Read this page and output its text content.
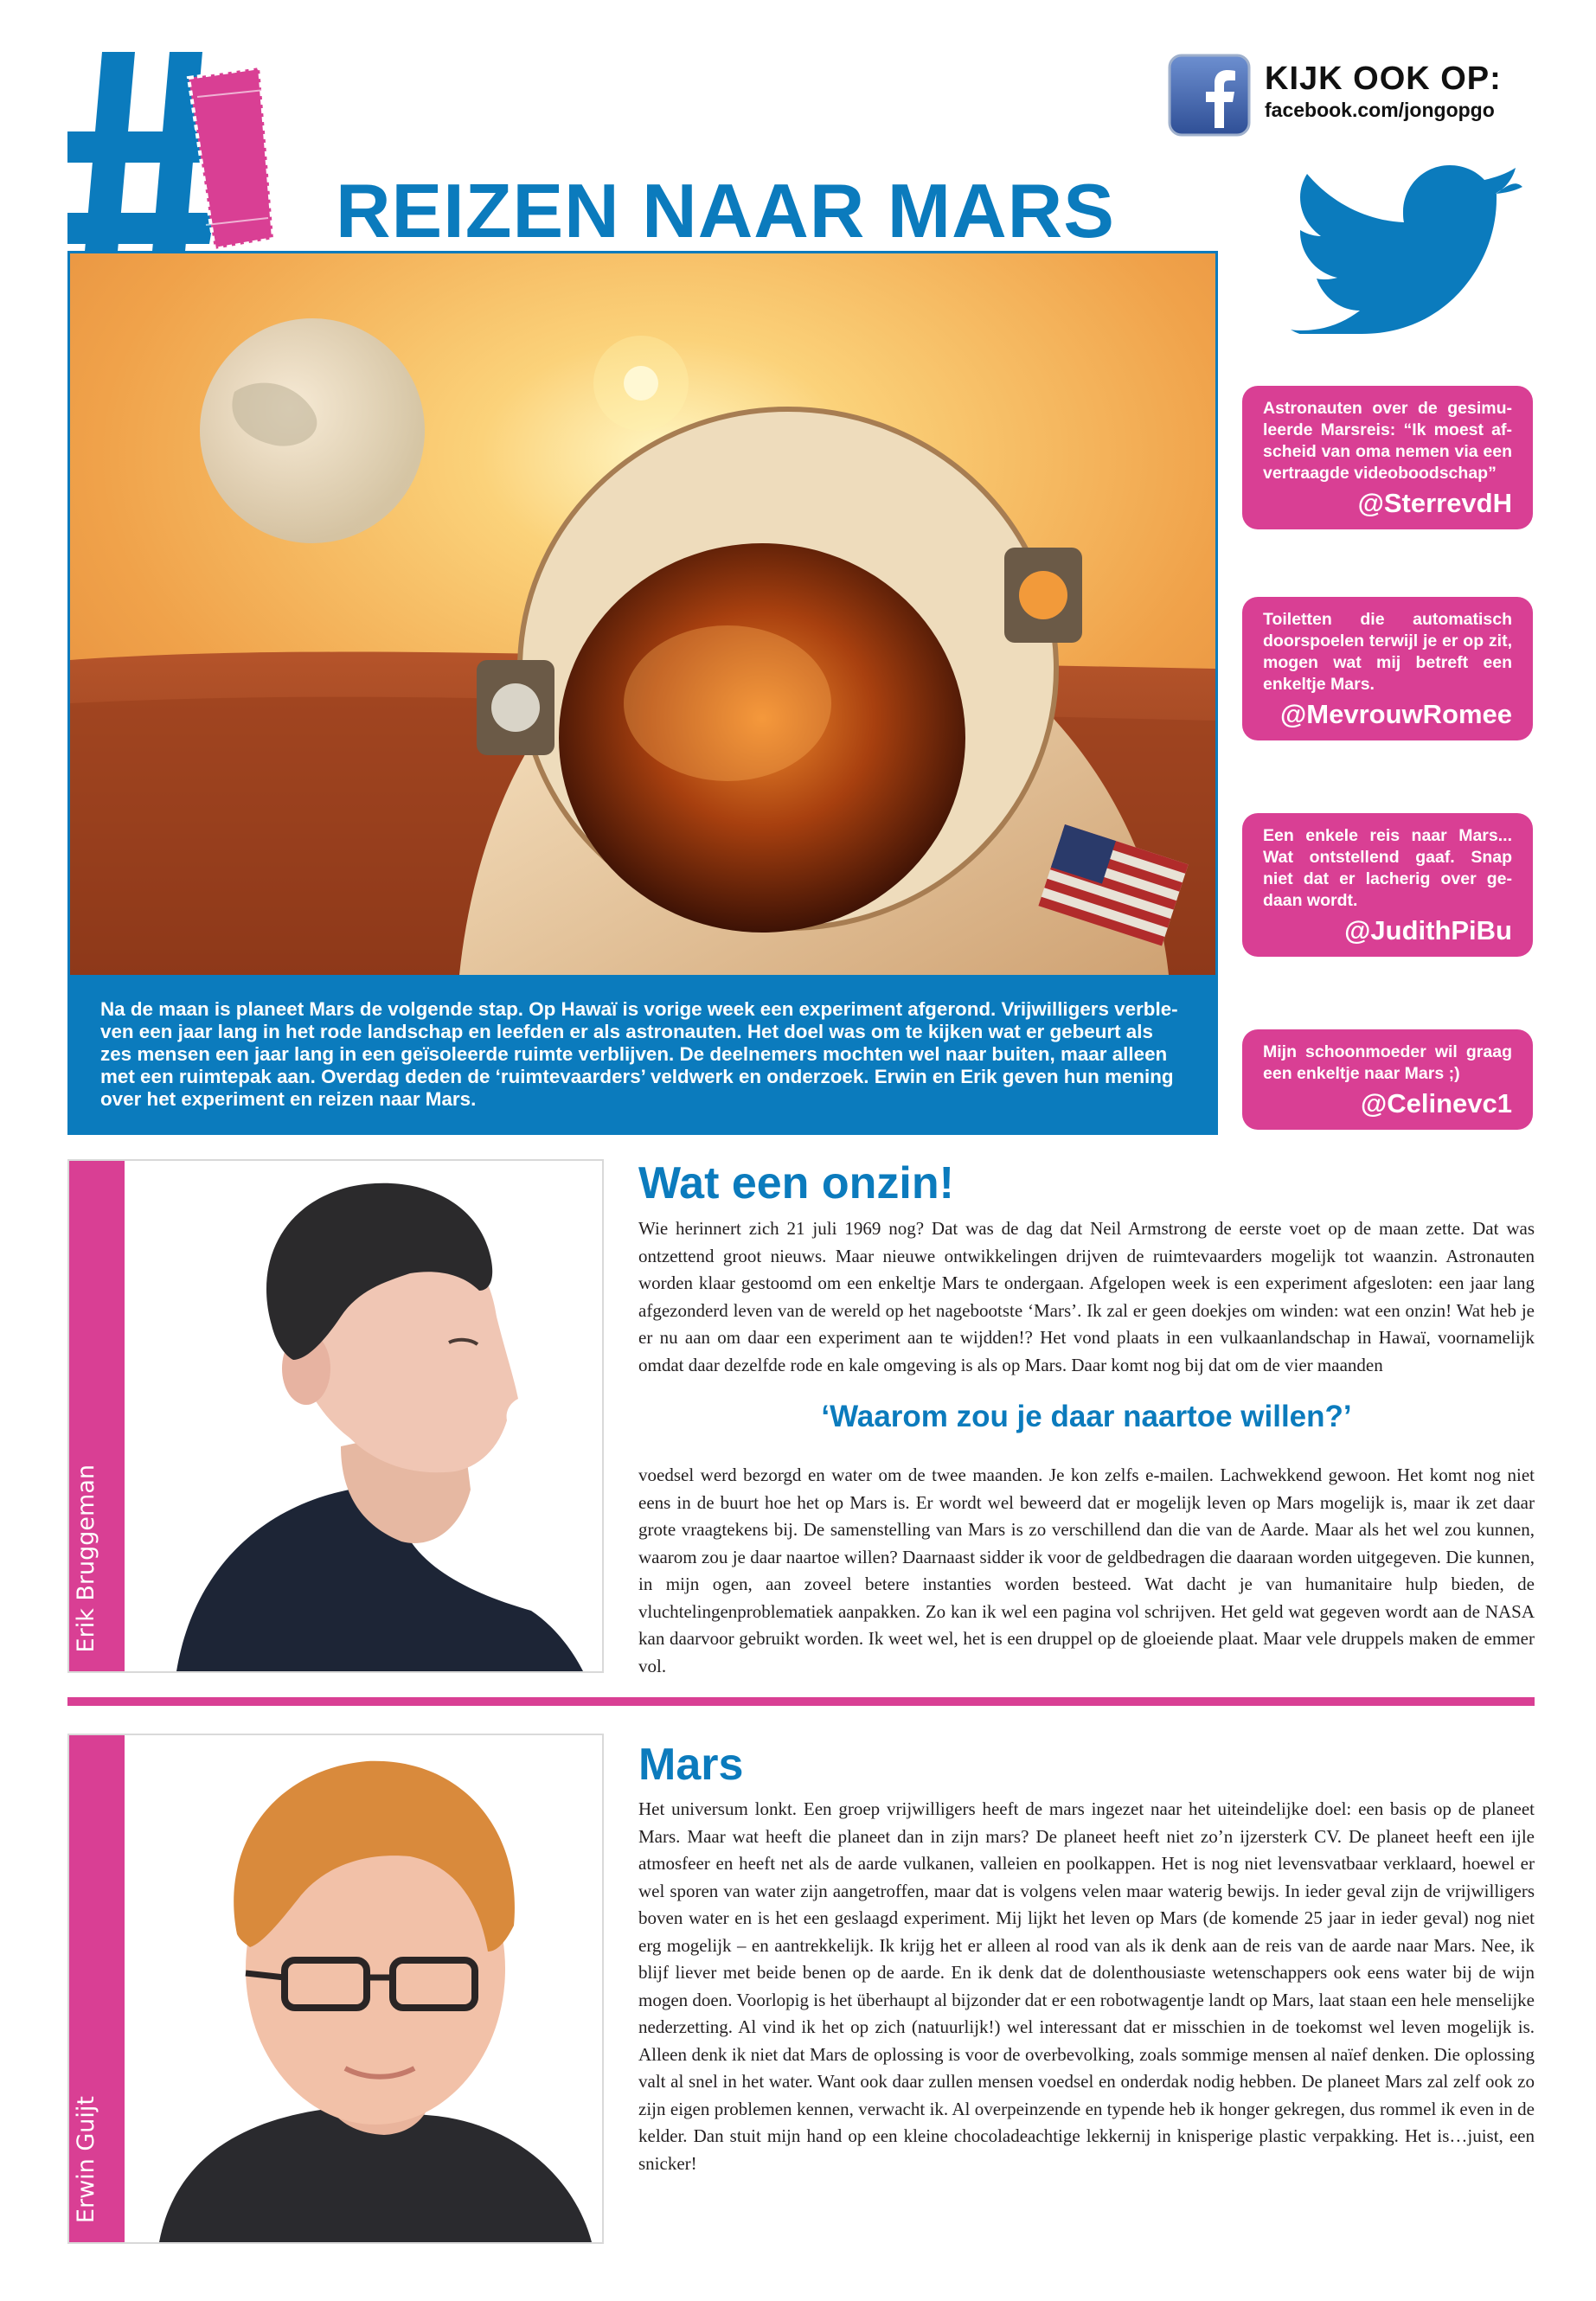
REIZEN NAAR MARS
KIJK OOK OP:
facebook.com/jongopgo
Na de maan is planeet Mars de volgende stap. Op Hawaï is vorige week een experiment afgerond. Vrijwilligers verbleven een jaar lang in het rode landschap en leefden er als astronauten. Het doel was om te kijken wat er gebeurt als zes mensen een jaar lang in een geïsoleerde ruimte verblijven. De deelnemers mochten wel naar buiten, maar alleen met een ruimtepak aan. Overdag deden de ‘ruimtevaarders’ veldwerk en onderzoek. Erwin en Erik geven hun mening over het experiment en reizen naar Mars.

Astronauten over de gesimuleerde Marsreis: “Ik moest afscheid van oma nemen via een vertraagde videoboodschap”

@SterrevdH

Toiletten die automatisch doorspoelen terwijl je er op zit, mogen wat mij betreft een enkeltje Mars.

@MevrouwRomee

Een enkele reis naar Mars... Wat ontstellend gaaf. Snap niet dat er lacherig over gedaan wordt.

@JudithPiBu

Mijn schoonmoeder wil graag een enkeltje naar Mars ;)

@Celinevc1
Erik Bruggeman
Wat een onzin!

Wie herinnert zich 21 juli 1969 nog? Dat was de dag dat Neil Armstrong de eerste voet op de maan zette. Dat was ontzettend groot nieuws. Maar nieuwe ontwikkelingen drijven de ruimtevaarders mogelijk tot waanzin. Astronauten worden klaar gestoomd om een enkeltje Mars te ondergaan. Afgelopen week is een experiment afgesloten: een jaar lang afgezonderd leven van de wereld op het nagebootste ‘Mars’. Ik zal er geen doekjes om winden: wat een onzin! Wat heb je er nu aan om daar een experiment aan te wijdden!? Het vond plaats in een vulkaanlandschap in Hawaï, voornamelijk omdat daar dezelfde rode en kale omgeving is als op Mars. Daar komt nog bij dat om de vier maanden

‘Waarom zou je daar naartoe willen?’

voedsel werd bezorgd en water om de twee maanden. Je kon zelfs e-mailen. Lachwekkend gewoon. Het komt nog niet eens in de buurt hoe het op Mars is. Er wordt wel beweerd dat er mogelijk leven op Mars mogelijk is, maar ik zet daar grote vraagtekens bij. De samenstelling van Mars is zo verschillend dan die van de Aarde. Maar als het wel zou kunnen, waarom zou je daar naartoe willen? Daarnaast sidder ik voor de geldbedragen die daaraan worden uitgegeven. Die kunnen, in mijn ogen, aan zoveel betere instanties worden besteed. Wat dacht je van humanitaire hulp bieden, de vluchtelingenproblematiek aanpakken. Zo kan ik wel een pagina vol schrijven. Het geld wat gegeven wordt aan de NASA kan daarvoor gebruikt worden. Ik weet wel, het is een druppel op de gloeiende plaat. Maar vele druppels maken de emmer vol.

Erwin Guijt
Mars

Het universum lonkt. Een groep vrijwilligers heeft de mars ingezet naar het uiteindelijke doel: een basis op de planeet Mars. Maar wat heeft die planeet dan in zijn mars? De planeet heeft niet zo’n ijzersterk CV. De planeet heeft een ijle atmosfeer en heeft net als de aarde vulkanen, valleien en poolkappen. Het is nog niet levensvatbaar verklaard, hoewel er wel sporen van water zijn aangetroffen, maar dat is volgens velen maar waterig bewijs. In ieder geval zijn de vrijwilligers boven water en is het een geslaagd experiment. Mij lijkt het leven op Mars (de komende 25 jaar in ieder geval) nog niet erg mogelijk – en aantrekkelijk. Ik krijg het er alleen al rood van als ik denk aan de reis van de aarde naar Mars. Nee, ik blijf liever met beide benen op de aarde. En ik denk dat de dolenthousiaste wetenschappers ook eens water bij de wijn mogen doen. Voorlopig is het überhaupt al bijzonder dat er een robotwagentje landt op Mars, laat staan een hele menselijke nederzetting. Al vind ik het op zich (natuurlijk!) wel interessant dat er misschien in de toekomst wel leven mogelijk is. Alleen denk ik niet dat Mars de oplossing is voor de overbevolking, zoals sommige mensen al naïef denken. Die oplossing valt al snel in het water. Want ook daar zullen mensen voedsel en onderdak nodig hebben. De planeet Mars zal zelf ook zo zijn eigen problemen kennen, verwacht ik. Al overpeinzende en typende heb ik honger gekregen, dus rommel ik even in de kelder. Dan stuit mijn hand op een kleine chocoladeachtige lekkernij in knisperige plastic verpakking. Het is…juist, een snicker!
